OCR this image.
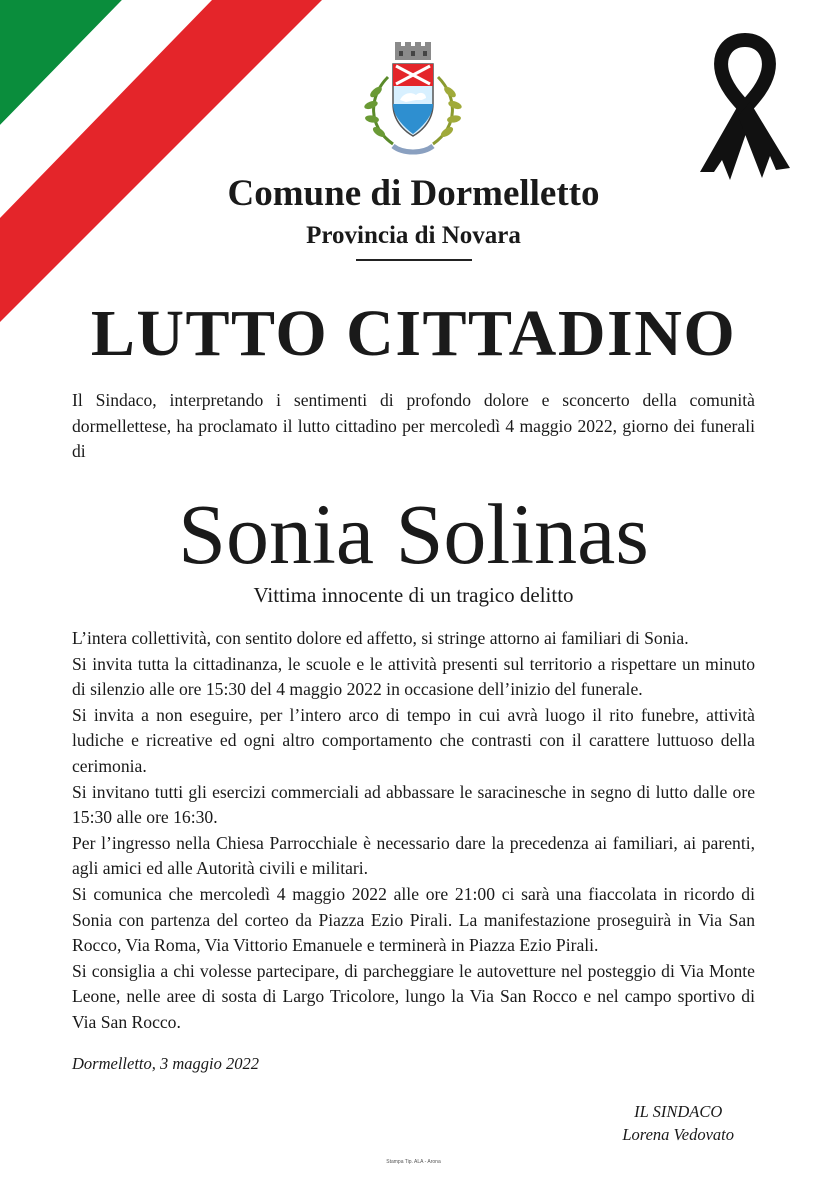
Comune di Dormelletto
Provincia di Novara
LUTTO CITTADINO

Il Sindaco, interpretando i sentimenti di profondo dolore e sconcerto della comunità dormellettese, ha proclamato il lutto cittadino per mercoledì 4 maggio 2022, giorno dei funerali di

Sonia Solinas

Vittima innocente di un tragico delitto

L’intera collettività, con sentito dolore ed affetto, si stringe attorno ai familiari di Sonia.

Si invita tutta la cittadinanza, le scuole e le attività presenti sul territorio a rispettare un minuto di silenzio alle ore 15:30 del 4 maggio 2022 in occasione dell’inizio del funerale.

Si invita a non eseguire, per l’intero arco di tempo in cui avrà luogo il rito funebre, attività ludiche e ricreative ed ogni altro comportamento che contrasti con il carattere luttuoso della cerimonia.

Si invitano tutti gli esercizi commerciali ad abbassare le saracinesche in segno di lutto dalle ore 15:30 alle ore 16:30.

Per l’ingresso nella Chiesa Parrocchiale è necessario dare la precedenza ai familiari, ai parenti, agli amici ed alle Autorità civili e militari.

Si comunica che mercoledì 4 maggio 2022 alle ore 21:00 ci sarà una fiaccolata in ricordo di Sonia con partenza del corteo da Piazza Ezio Pirali. La manifestazione proseguirà in Via San Rocco, Via Roma, Via Vittorio Emanuele e terminerà in Piazza Ezio Pirali.

Si consiglia a chi volesse partecipare, di parcheggiare le autovetture nel posteggio di Via Monte Leone, nelle aree di sosta di Largo Tricolore, lungo la Via San Rocco e nel campo sportivo di Via San Rocco.

Dormelletto, 3 maggio 2022

IL SINDACO

Lorena Vedovato

Stampa Tip. ALA - Arona
